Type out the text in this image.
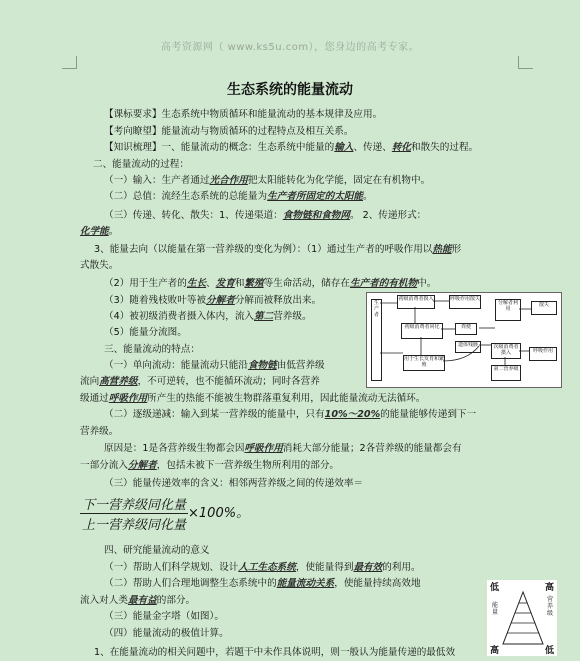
高考资源网（ www.ks5u.com），您身边的高考专家。
生态系统的能量流动
【课标要求】生态系统中物质循环和能量流动的基本规律及应用。
【考向瞭望】能量流动与物质循环的过程特点及相互关系。
【知识梳理】一、能量流动的概念：生态系统中能量的输入、传递、转化和散失的过程。
二、能量流动的过程：
（一）输入：生产者通过光合作用把太阳能转化为化学能，固定在有机物中。
（二）总值：流经生态系统的总能量为生产者所固定的太阳能。
（三）传递、转化、散失：1、传递渠道：食物链和食物网。 2、传递形式：
化学能。
3、能量去向（以能量在第一营养级的变化为例）：（1）通过生产者的呼吸作用以热能形
式散失。
（2）用于生产者的生长、发育和繁殖等生命活动，储存在生产者的有机物中。
（3）随着残枝败叶等被分解者分解而被释放出来。
（4）被初级消费者摄入体内，流入第二营养级。
（5）能量分流图。
三、能量流动的特点：
（一）单向流动：能量流动只能沿食物链由低营养级
流向高营养级，不可逆转，也不能循环流动；同时各营养
级通过呼吸作用所产生的热能不能被生物群落重复利用，因此能量流动无法循环。
（二）逐级递减：输入到某一营养级的能量中，只有10%～20%的能量能够传递到下一
营养级。
原因是：1是各营养级生物都会因呼吸作用消耗大部分能量；2各营养级的能量都会有
一部分流入分解者，包括未被下一营养级生物所利用的部分。
（三）能量传递效率的含义：相邻两营养级之间的传递效率＝
四、研究能量流动的意义
（一）帮助人们科学规划、设计人工生态系统，使能量得到最有效的利用。
（二）帮助人们合理地调整生态系统中的能量流动关系，使能量持续高效地
流入对人类最有益的部分。
（三）能量金字塔（如图）。
（四）能量流动的极值计算。
1、在能量流动的相关问题中，若题干中未作具体说明，则一般认为能量传递的最低效
$\frac{\text{下一营养级同化量}}{\text{上一营养级同化量}} \times 100\%$。
生产者
初级消费者摄入
初级消费者同化
用于生长发育和繁殖
呼吸作用散失
分解者利用
粪便
遗体残骸	次级消费者摄入
散失
呼吸作用
第二营养级
低	高
高	低
能量
营养级
